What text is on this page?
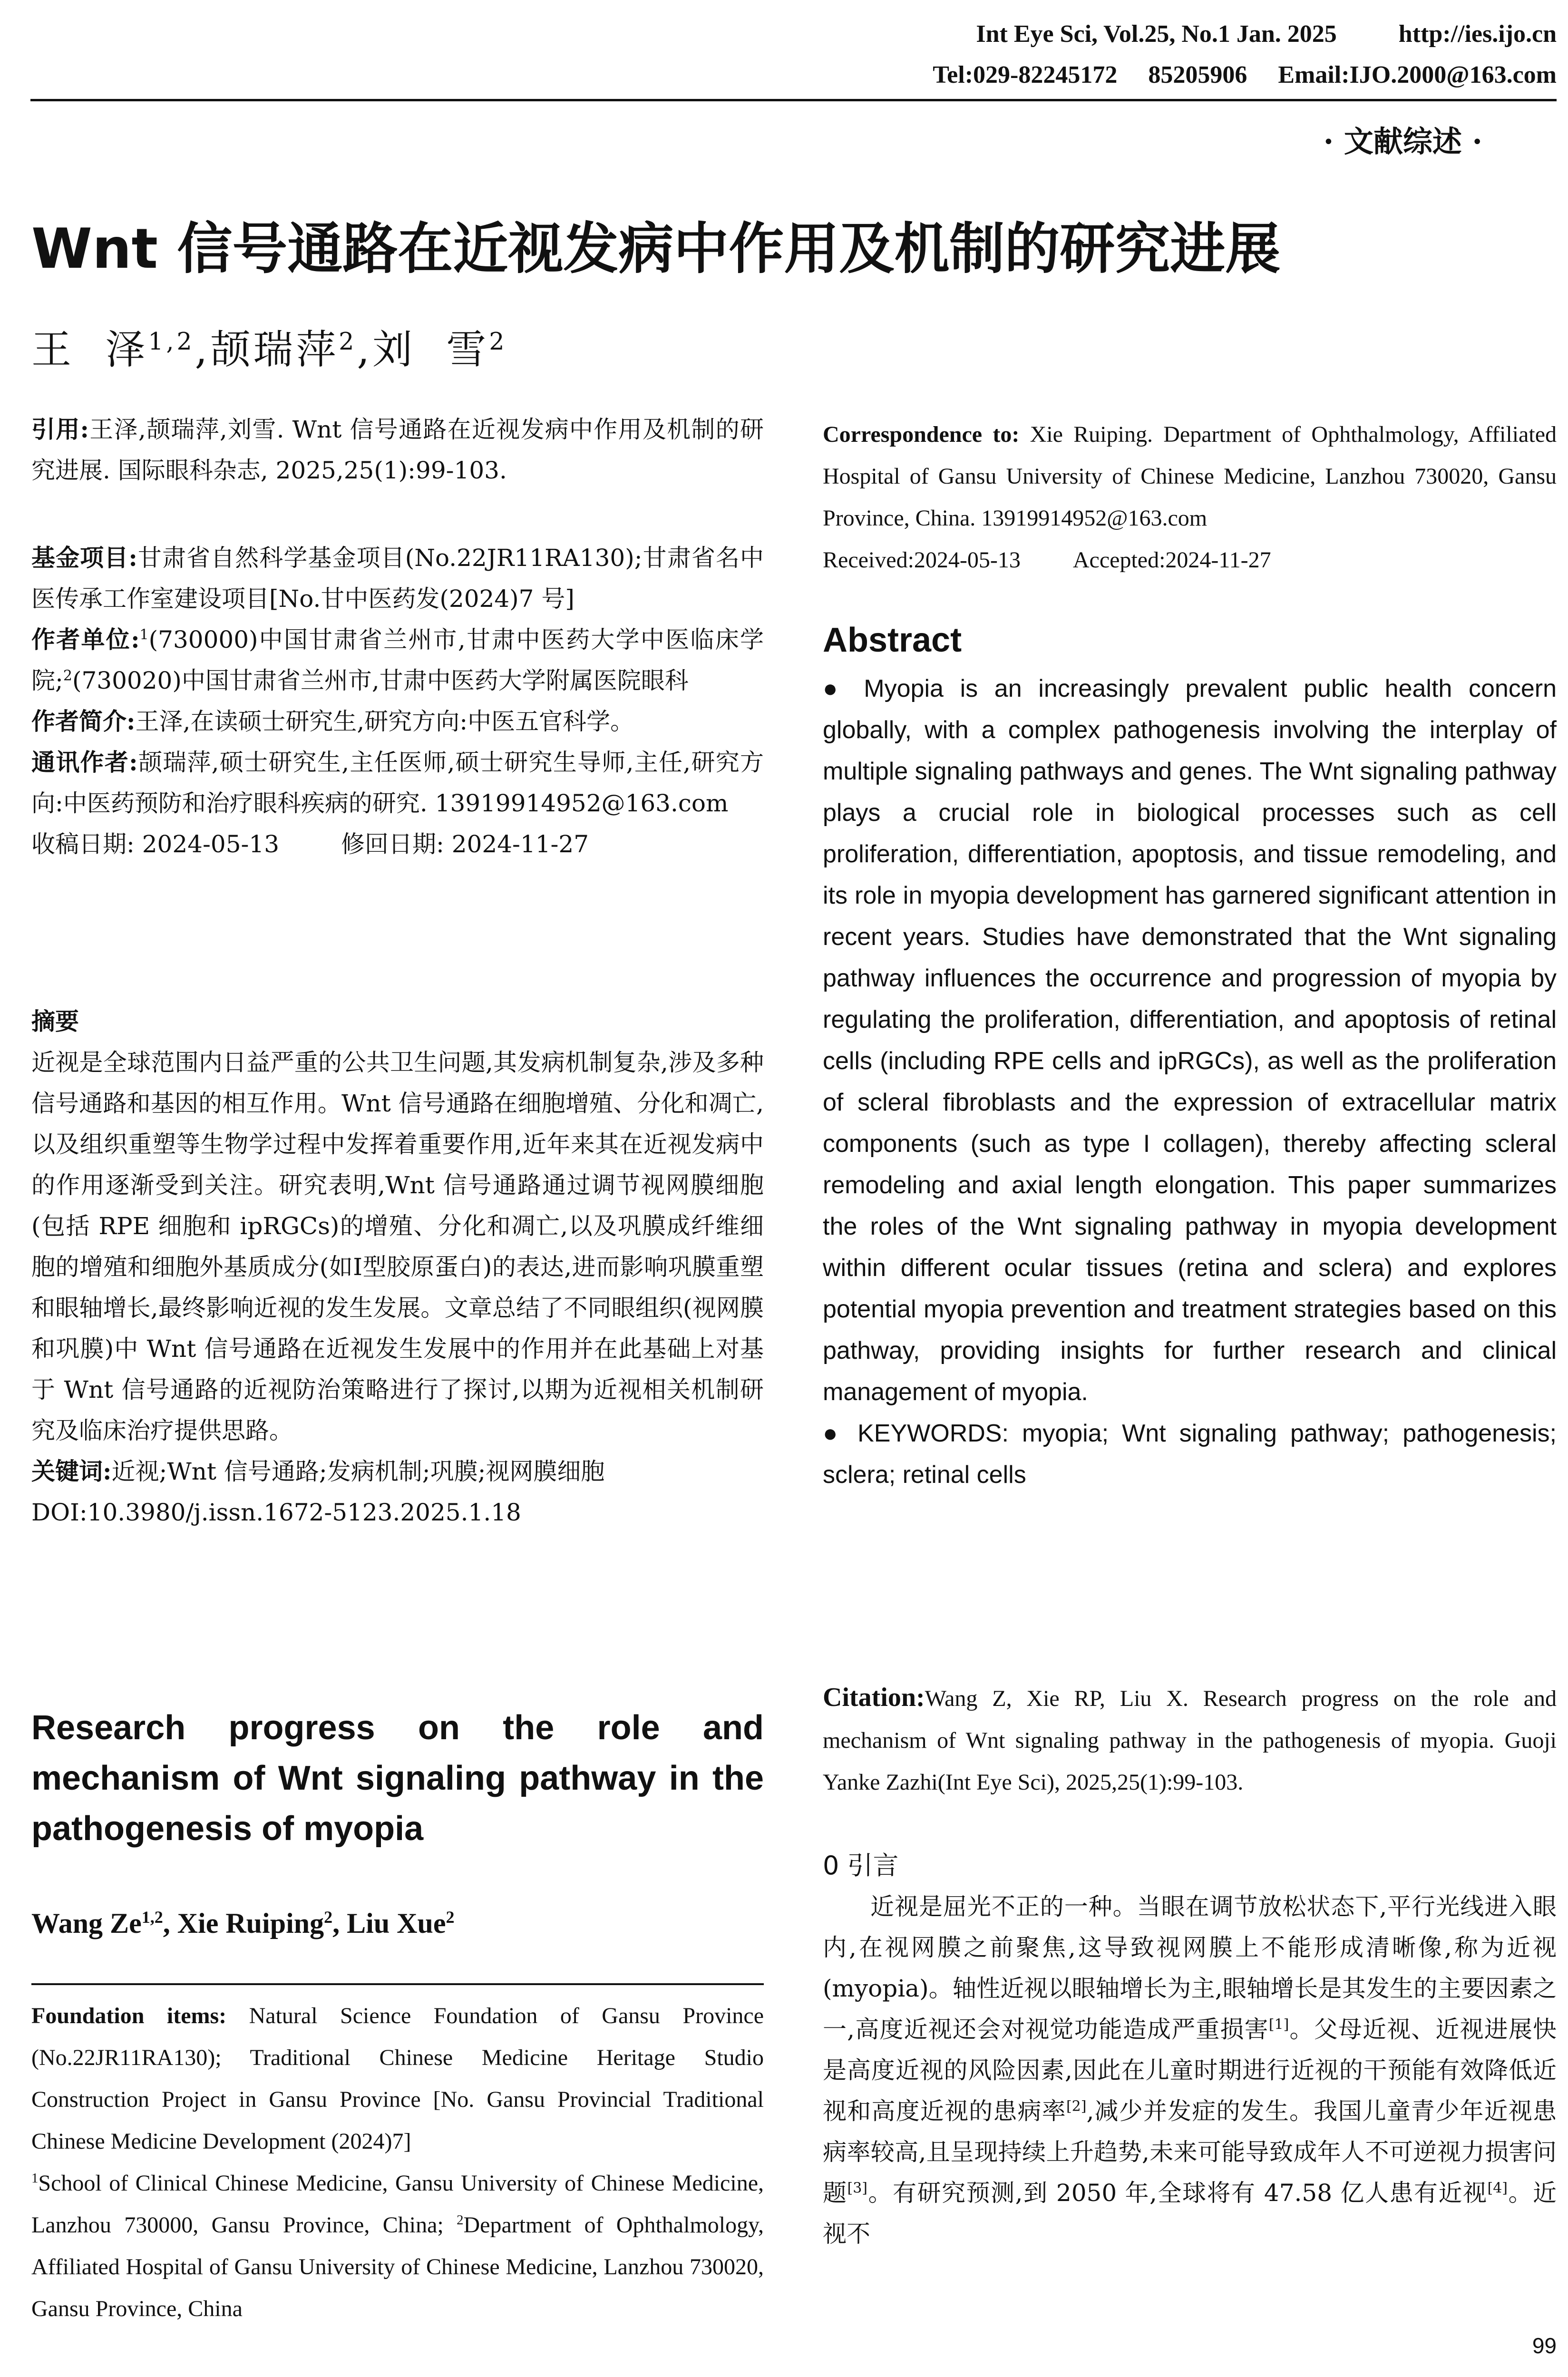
Int Eye Sci, Vol.25, No.1 Jan. 2025          http://ies.ijo.cn
Tel:029-82245172     85205906     Email:IJO.2000@163.com
· 文献综述 ·
Wnt 信号通路在近视发病中作用及机制的研究进展
王  泽$^{1,2}$,颉瑞萍$^2$,刘  雪$^2$
引用:王泽,颉瑞萍,刘雪. Wnt 信号通路在近视发病中作用及机制的研究进展. 国际眼科杂志, 2025,25(1):99-103.

基金项目:甘肃省自然科学基金项目(No.22JR11RA130);甘肃省名中医传承工作室建设项目[No.甘中医药发(2024)7 号]

作者单位:$^1$(730000)中国甘肃省兰州市,甘肃中医药大学中医临床学院;$^2$(730020)中国甘肃省兰州市,甘肃中医药大学附属医院眼科

作者简介:王泽,在读硕士研究生,研究方向:中医五官科学。

通讯作者:颉瑞萍,硕士研究生,主任医师,硕士研究生导师,主任,研究方向:中医药预防和治疗眼科疾病的研究. 13919914952@163.com

收稿日期: 2024-05-13	修回日期: 2024-11-27

摘要

近视是全球范围内日益严重的公共卫生问题,其发病机制复杂,涉及多种信号通路和基因的相互作用。Wnt 信号通路在细胞增殖、分化和凋亡,以及组织重塑等生物学过程中发挥着重要作用,近年来其在近视发病中的作用逐渐受到关注。研究表明,Wnt 信号通路通过调节视网膜细胞(包括 RPE 细胞和 ipRGCs)的增殖、分化和凋亡,以及巩膜成纤维细胞的增殖和细胞外基质成分(如Ⅰ型胶原蛋白)的表达,进而影响巩膜重塑和眼轴增长,最终影响近视的发生发展。文章总结了不同眼组织(视网膜和巩膜)中 Wnt 信号通路在近视发生发展中的作用并在此基础上对基于 Wnt 信号通路的近视防治策略进行了探讨,以期为近视相关机制研究及临床治疗提供思路。

关键词:近视;Wnt 信号通路;发病机制;巩膜;视网膜细胞

DOI:10.3980/j.issn.1672-5123.2025.1.18

Research progress on the role and mechanism of Wnt signaling pathway in the pathogenesis of myopia
Wang Ze$^{1,2}$, Xie Ruiping$^2$, Liu Xue$^2$

Foundation items: Natural Science Foundation of Gansu Province (No.22JR11RA130); Traditional Chinese Medicine Heritage Studio Construction Project in Gansu Province [No. Gansu Provincial Traditional Chinese Medicine Development (2024)7]

$^1$School of Clinical Chinese Medicine, Gansu University of Chinese Medicine, Lanzhou 730000, Gansu Province, China; $^2$Department of Ophthalmology, Affiliated Hospital of Gansu University of Chinese Medicine, Lanzhou 730020, Gansu Province, China

Correspondence to: Xie Ruiping. Department of Ophthalmology, Affiliated Hospital of Gansu University of Chinese Medicine, Lanzhou 730020, Gansu Province, China. 13919914952@163.com

Received:2024-05-13 Accepted:2024-11-27

Abstract

● Myopia is an increasingly prevalent public health concern globally, with a complex pathogenesis involving the interplay of multiple signaling pathways and genes. The Wnt signaling pathway plays a crucial role in biological processes such as cell proliferation, differentiation, apoptosis, and tissue remodeling, and its role in myopia development has garnered significant attention in recent years. Studies have demonstrated that the Wnt signaling pathway influences the occurrence and progression of myopia by regulating the proliferation, differentiation, and apoptosis of retinal cells (including RPE cells and ipRGCs), as well as the proliferation of scleral fibroblasts and the expression of extracellular matrix components (such as type I collagen), thereby affecting scleral remodeling and axial length elongation. This paper summarizes the roles of the Wnt signaling pathway in myopia development within different ocular tissues (retina and sclera) and explores potential myopia prevention and treatment strategies based on this pathway, providing insights for further research and clinical management of myopia.

● KEYWORDS: myopia; Wnt signaling pathway; pathogenesis; sclera; retinal cells

Citation:Wang Z, Xie RP, Liu X. Research progress on the role and mechanism of Wnt signaling pathway in the pathogenesis of myopia. Guoji Yanke Zazhi(Int Eye Sci), 2025,25(1):99-103.

0 引言

近视是屈光不正的一种。当眼在调节放松状态下,平行光线进入眼内,在视网膜之前聚焦,这导致视网膜上不能形成清晰像,称为近视(myopia)。轴性近视以眼轴增长为主,眼轴增长是其发生的主要因素之一,高度近视还会对视觉功能造成严重损害[1]。父母近视、近视进展快是高度近视的风险因素,因此在儿童时期进行近视的干预能有效降低近视和高度近视的患病率[2],减少并发症的发生。我国儿童青少年近视患病率较高,且呈现持续上升趋势,未来可能导致成年人不可逆视力损害问题[3]。有研究预测,到 2050 年,全球将有 47.58 亿人患有近视[4]。近视不

99
